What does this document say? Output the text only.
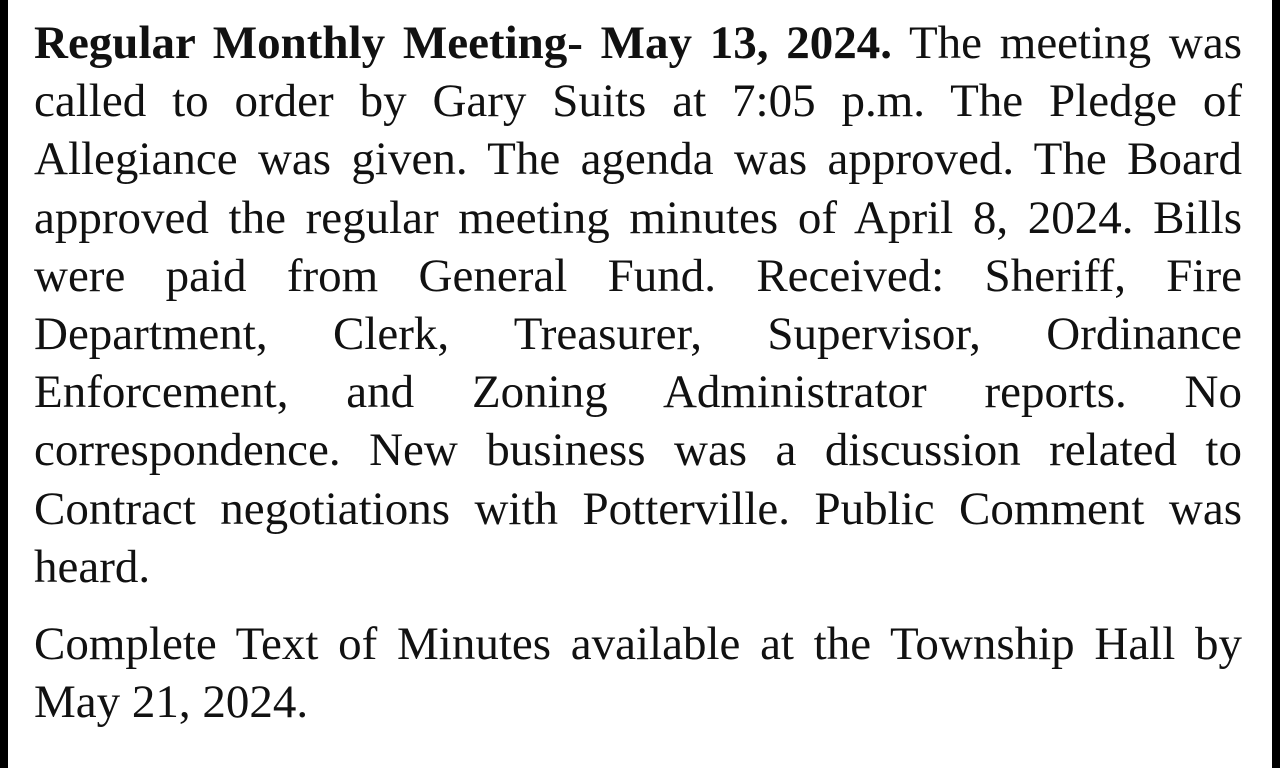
Regular Monthly Meeting- May 13, 2024. The meeting was called to order by Gary Suits at 7:05 p.m. The Pledge of Allegiance was given. The agenda was approved. The Board approved the regular meeting minutes of April 8, 2024. Bills were paid from General Fund. Received: Sheriff, Fire Department, Clerk, Treasurer, Supervisor, Ordinance Enforcement, and Zoning Administrator reports. No correspondence. New business was a discussion related to Contract negotiations with Potterville. Public Comment was heard.

Complete Text of Minutes available at the Township Hall by May 21, 2024.
